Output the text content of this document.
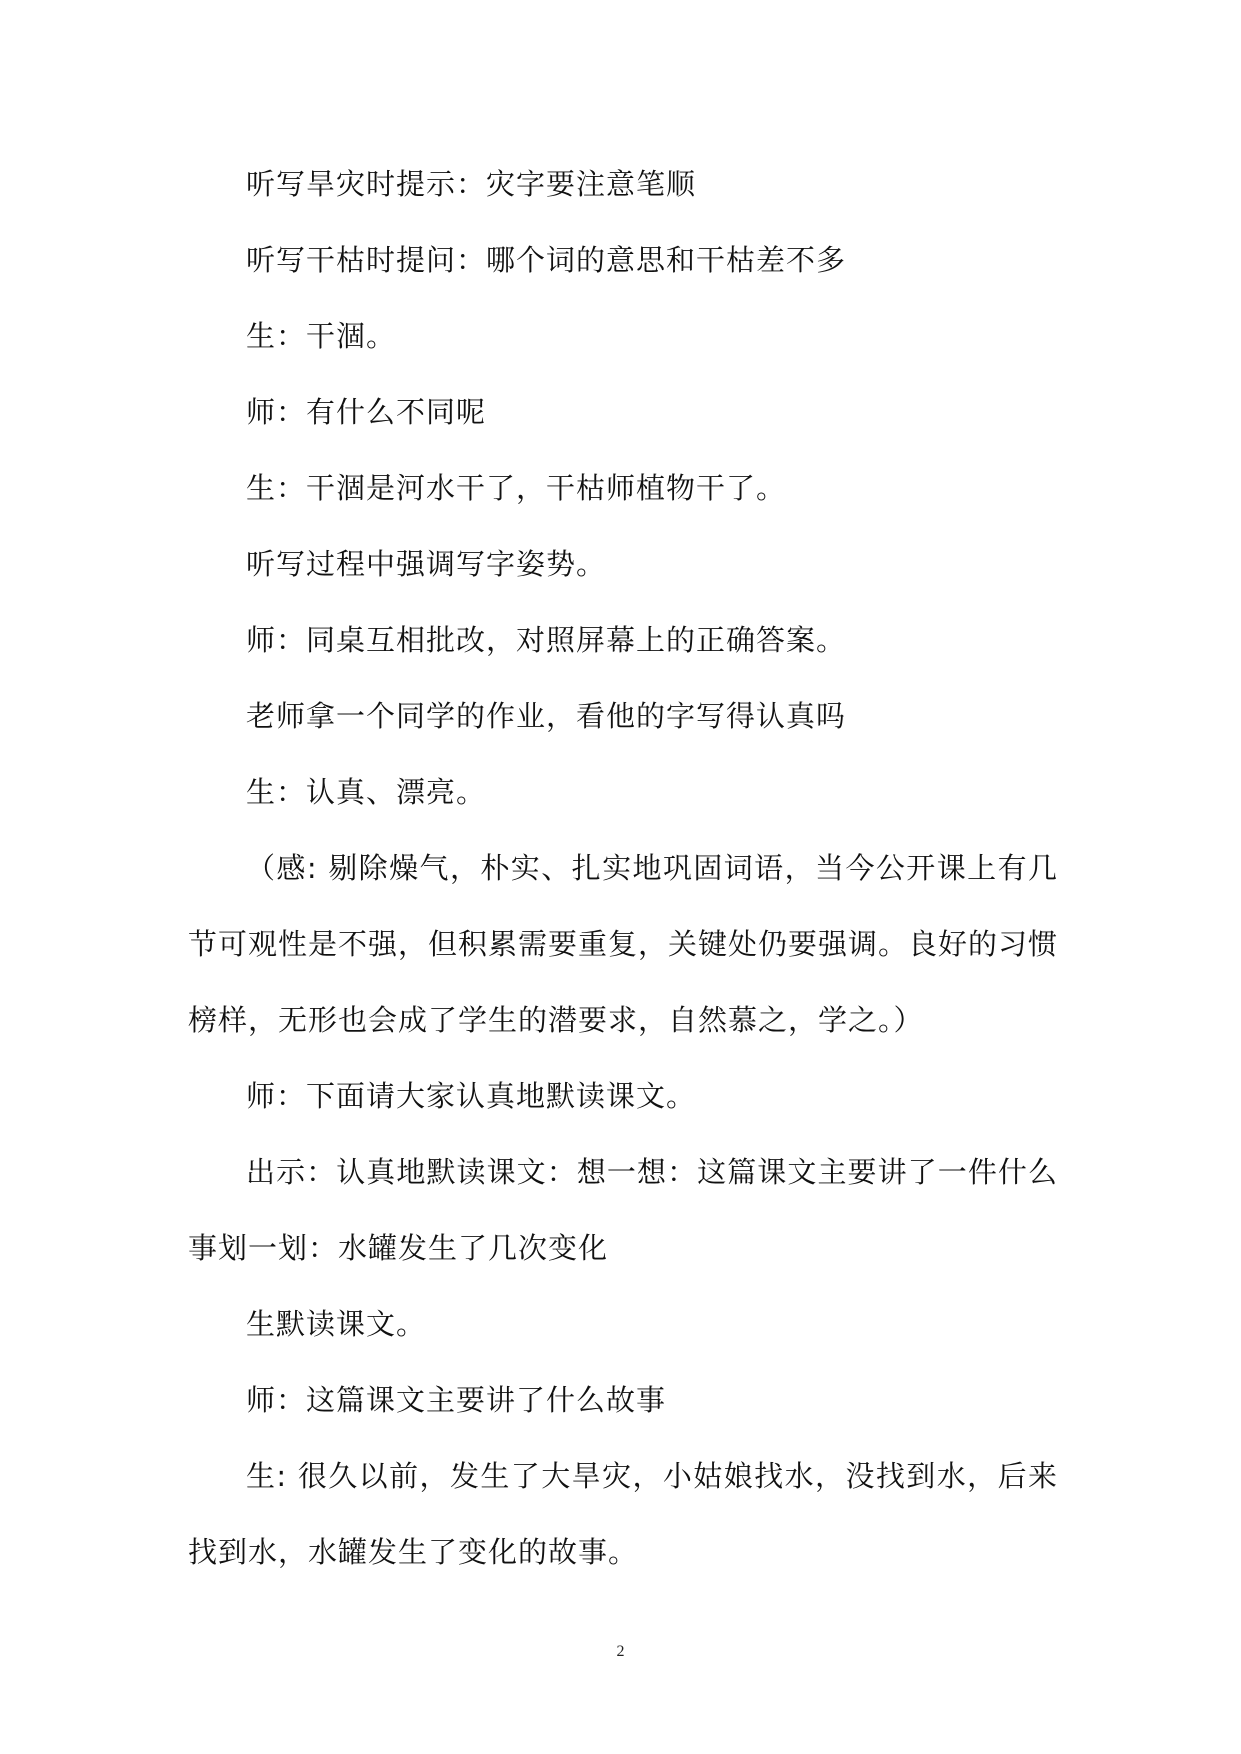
听写旱灾时提示：灾字要注意笔顺

听写干枯时提问：哪个词的意思和干枯差不多

生：干涸。

师：有什么不同呢

生：干涸是河水干了，干枯师植物干了。

听写过程中强调写字姿势。

师：同桌互相批改，对照屏幕上的正确答案。

老师拿一个同学的作业，看他的字写得认真吗

生：认真、漂亮。

（感: 剔除燥气，朴实、扎实地巩固词语，当今公开课上有几节可观性是不强，但积累需要重复，关键处仍要强调。良好的习惯榜样，无形也会成了学生的潜要求，自然慕之，学之。）

师：下面请大家认真地默读课文。

出示：认真地默读课文：想一想：这篇课文主要讲了一件什么事划一划：水罐发生了几次变化

生默读课文。

师：这篇课文主要讲了什么故事

生: 很久以前，发生了大旱灾，小姑娘找水，没找到水，后来找到水，水罐发生了变化的故事。

2
